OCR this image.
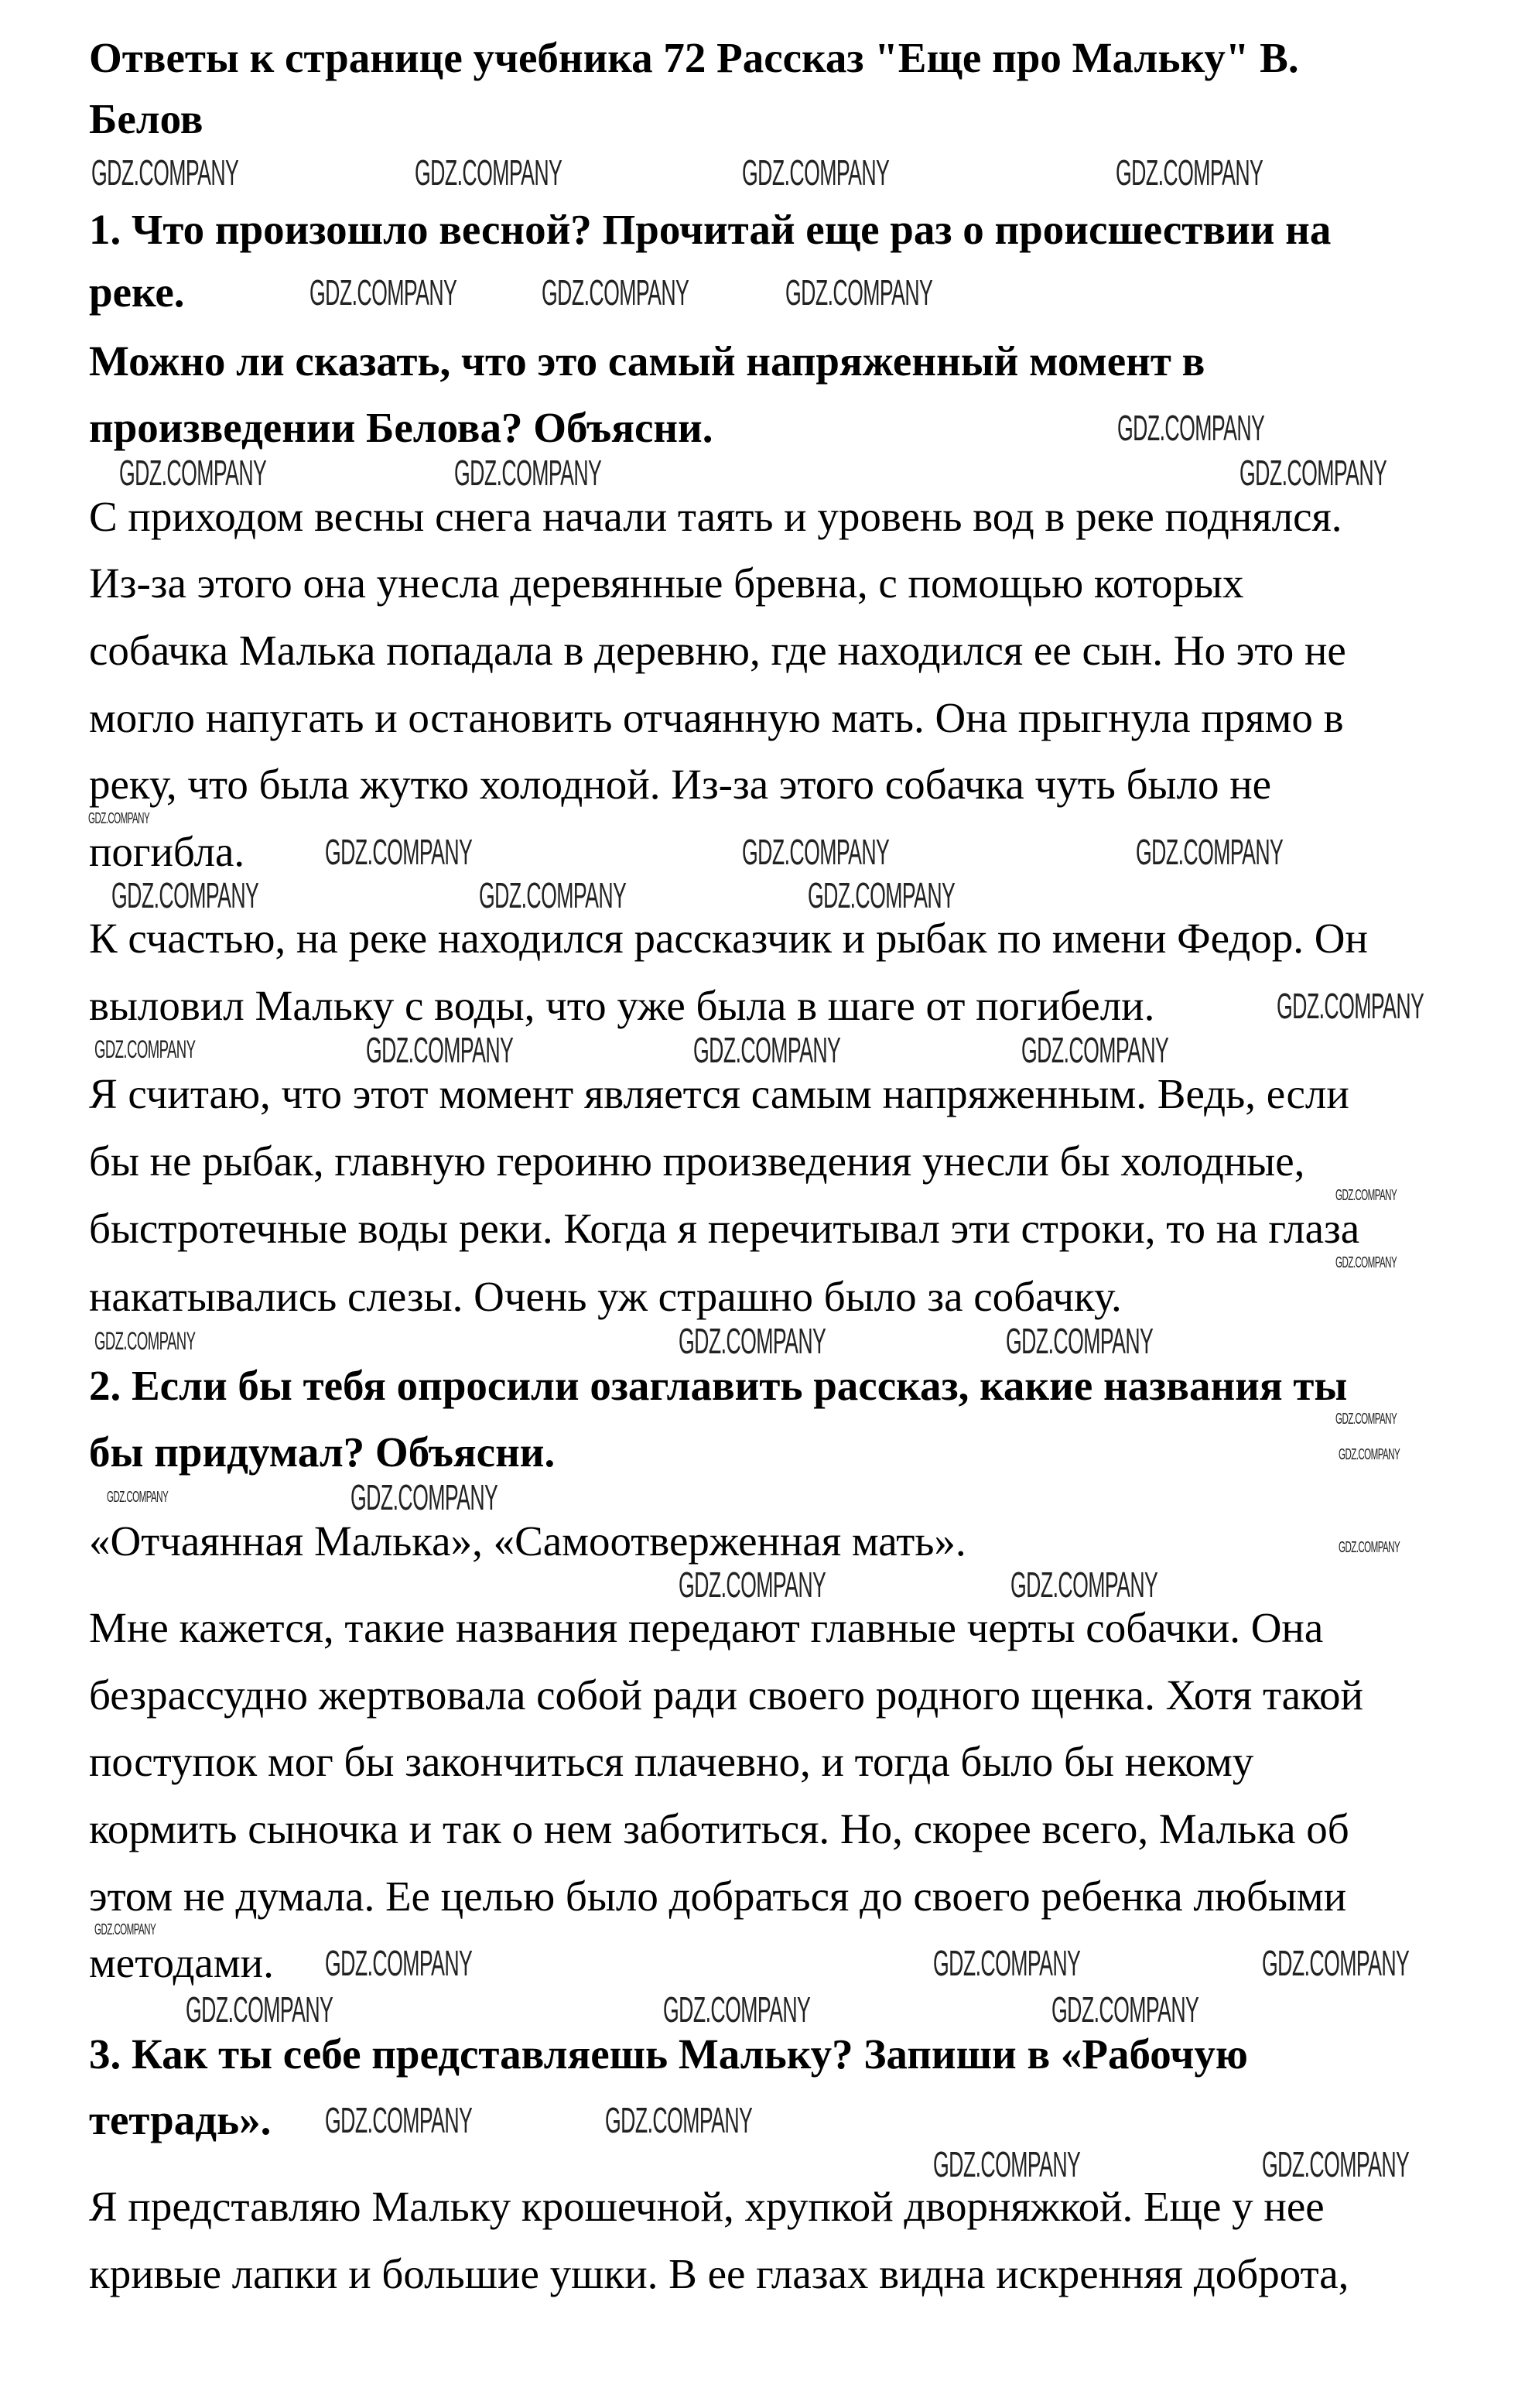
Ответы к странице учебника 72 Рассказ "Еще про Мальку" В.
Белов
1. Что произошло весной? Прочитай еще раз о происшествии на
реке.
Можно ли сказать, что это самый напряженный момент в
произведении Белова? Объясни.
С приходом весны снега начали таять и уровень вод в реке поднялся.
Из-за этого она унесла деревянные бревна, с помощью которых
собачка Малька попадала в деревню, где находился ее сын. Но это не
могло напугать и остановить отчаянную мать. Она прыгнула прямо в
реку, что была жутко холодной. Из-за этого собачка чуть было не
погибла.
К счастью, на реке находился рассказчик и рыбак по имени Федор. Он
выловил Мальку с воды, что уже была в шаге от погибели.
Я считаю, что этот момент является самым напряженным. Ведь, если
бы не рыбак, главную героиню произведения унесли бы холодные,
быстротечные воды реки. Когда я перечитывал эти строки, то на глаза
накатывались слезы. Очень уж страшно было за собачку.
2. Если бы тебя опросили озаглавить рассказ, какие названия ты
бы придумал? Объясни.
«Отчаянная Малька», «Самоотверженная мать».
Мне кажется, такие названия передают главные черты собачки. Она
безрассудно жертвовала собой ради своего родного щенка. Хотя такой
поступок мог бы закончиться плачевно, и тогда было бы некому
кормить сыночка и так о нем заботиться. Но, скорее всего, Малька об
этом не думала. Ее целью было добраться до своего ребенка любыми
методами.
3. Как ты себе представляешь Мальку? Запиши в «Рабочую
тетрадь».
Я представляю Мальку крошечной, хрупкой дворняжкой. Еще у нее
кривые лапки и большие ушки. В ее глазах видна искренняя доброта,
GDZ.COMPANY	GDZ.COMPANY	GDZ.COMPANY	GDZ.COMPANY
GDZ.COMPANY GDZ.COMPANY	GDZ.COMPANY
GDZ.COMPANY
GDZ.COMPANY	GDZ.COMPANY	GDZ.COMPANY
GDZ.COMPANY
GDZ.COMPANY	GDZ.COMPANY	GDZ.COMPANY
GDZ.COMPANY	GDZ.COMPANY	GDZ.COMPANY
GDZ.COMPANY
GDZ.COMPANY	GDZ.COMPANY	GDZ.COMPANY	GDZ.COMPANY
GDZ.COMPANY
GDZ.COMPANY
GDZ.COMPANY	GDZ.COMPANY	GDZ.COMPANY
GDZ.COMPANY
GDZ.COMPANY
GDZ.COMPANY	GDZ.COMPANY
GDZ.COMPANY
GDZ.COMPANY	GDZ.COMPANY
GDZ.COMPANY	GDZ.COMPANY	GDZ.COMPANY
GDZ.COMPANY
GDZ.COMPANY	GDZ.COMPANY	GDZ.COMPANY
GDZ.COMPANY	GDZ.COMPANY
GDZ.COMPANY	GDZ.COMPANY
